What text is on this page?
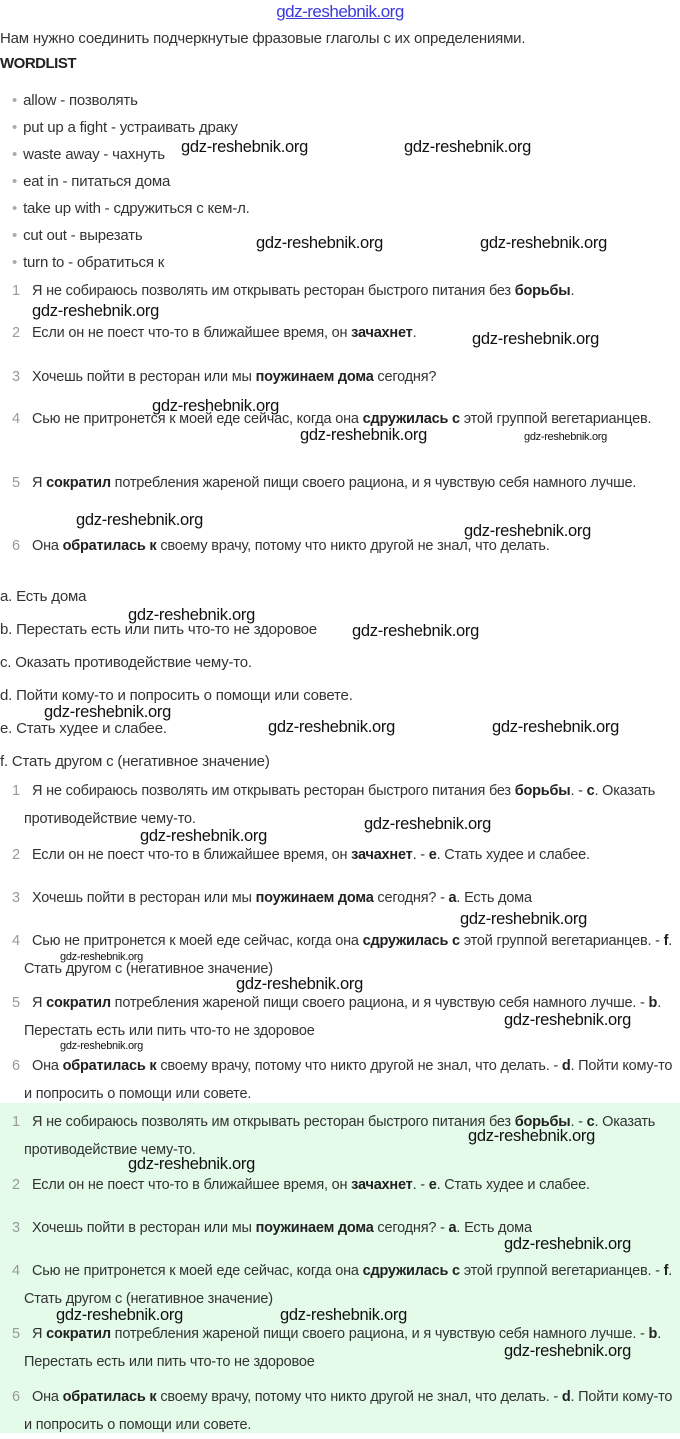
gdz-reshebnik.org
Нам нужно соединить подчеркнутые фразовые глаголы с их определениями.
WORDLIST
• allow - позволять
• put up a fight - устраивать драку
• waste away - чахнуть
• eat in - питаться дома
• take up with - сдружиться с кем-л.
• cut out - вырезать
• turn to - обратиться к
1 Я не собираюсь позволять им открывать ресторан быстрого питания без борьбы.
2 Если он не поест что-то в ближайшее время, он зачахнет.
3 Хочешь пойти в ресторан или мы поужинаем дома сегодня?
4 Сью не притронется к моей еде сейчас, когда она сдружилась с этой группой вегетарианцев.
5 Я сократил потребления жареной пищи своего рациона, и я чувствую себя намного лучше.
6 Она обратилась к своему врачу, потому что никто другой не знал, что делать.
1 Я не собираюсь позволять им открывать ресторан быстрого питания без борьбы. - с. Оказать противодействие чему-то.
2 Если он не поест что-то в ближайшее время, он зачахнет. - е. Стать худее и слабее.
3 Хочешь пойти в ресторан или мы поужинаем дома сегодня? - а. Есть дома
4 Сью не притронется к моей еде сейчас, когда она сдружилась с этой группой вегетарианцев. - f. Стать другом с (негативное значение)
5 Я сократил потребления жареной пищи своего рациона, и я чувствую себя намного лучше. - b. Перестать есть или пить что-то не здоровое
6 Она обратилась к своему врачу, потому что никто другой не знал, что делать. - d. Пойти кому-то и попросить о помощи или совете.
1 Я не собираюсь позволять им открывать ресторан быстрого питания без борьбы. - с. Оказать противодействие чему-то.
2 Если он не поест что-то в ближайшее время, он зачахнет. - е. Стать худее и слабее.
3 Хочешь пойти в ресторан или мы поужинаем дома сегодня? - а. Есть дома
4 Сью не притронется к моей еде сейчас, когда она сдружилась с этой группой вегетарианцев. - f. Стать другом с (негативное значение)
5 Я сократил потребления жареной пищи своего рациона, и я чувствую себя намного лучше. - b. Перестать есть или пить что-то не здоровое
6 Она обратилась к своему врачу, потому что никто другой не знал, что делать. - d. Пойти кому-то и попросить о помощи или совете.
a. Есть дома
b. Перестать есть или пить что-то не здоровое
c. Оказать противодействие чему-то.
d. Пойти кому-то и попросить о помощи или совете.
e. Стать худее и слабее.
f. Стать другом с (негативное значение)
gdz-reshebnik.org	gdz-reshebnik.org
gdz-reshebnik.org	gdz-reshebnik.org
gdz-reshebnik.org
gdz-reshebnik.org
gdz-reshebnik.org
gdz-reshebnik.org	gdz-reshebnik.org
gdz-reshebnik.org
gdz-reshebnik.org
gdz-reshebnik.org
gdz-reshebnik.org
gdz-reshebnik.org
gdz-reshebnik.org	gdz-reshebnik.org
gdz-reshebnik.org
gdz-reshebnik.org
gdz-reshebnik.org
gdz-reshebnik.org
gdz-reshebnik.org
gdz-reshebnik.org
gdz-reshebnik.org
gdz-reshebnik.org
gdz-reshebnik.org
gdz-reshebnik.org
gdz-reshebnik.org	gdz-reshebnik.org
gdz-reshebnik.org
